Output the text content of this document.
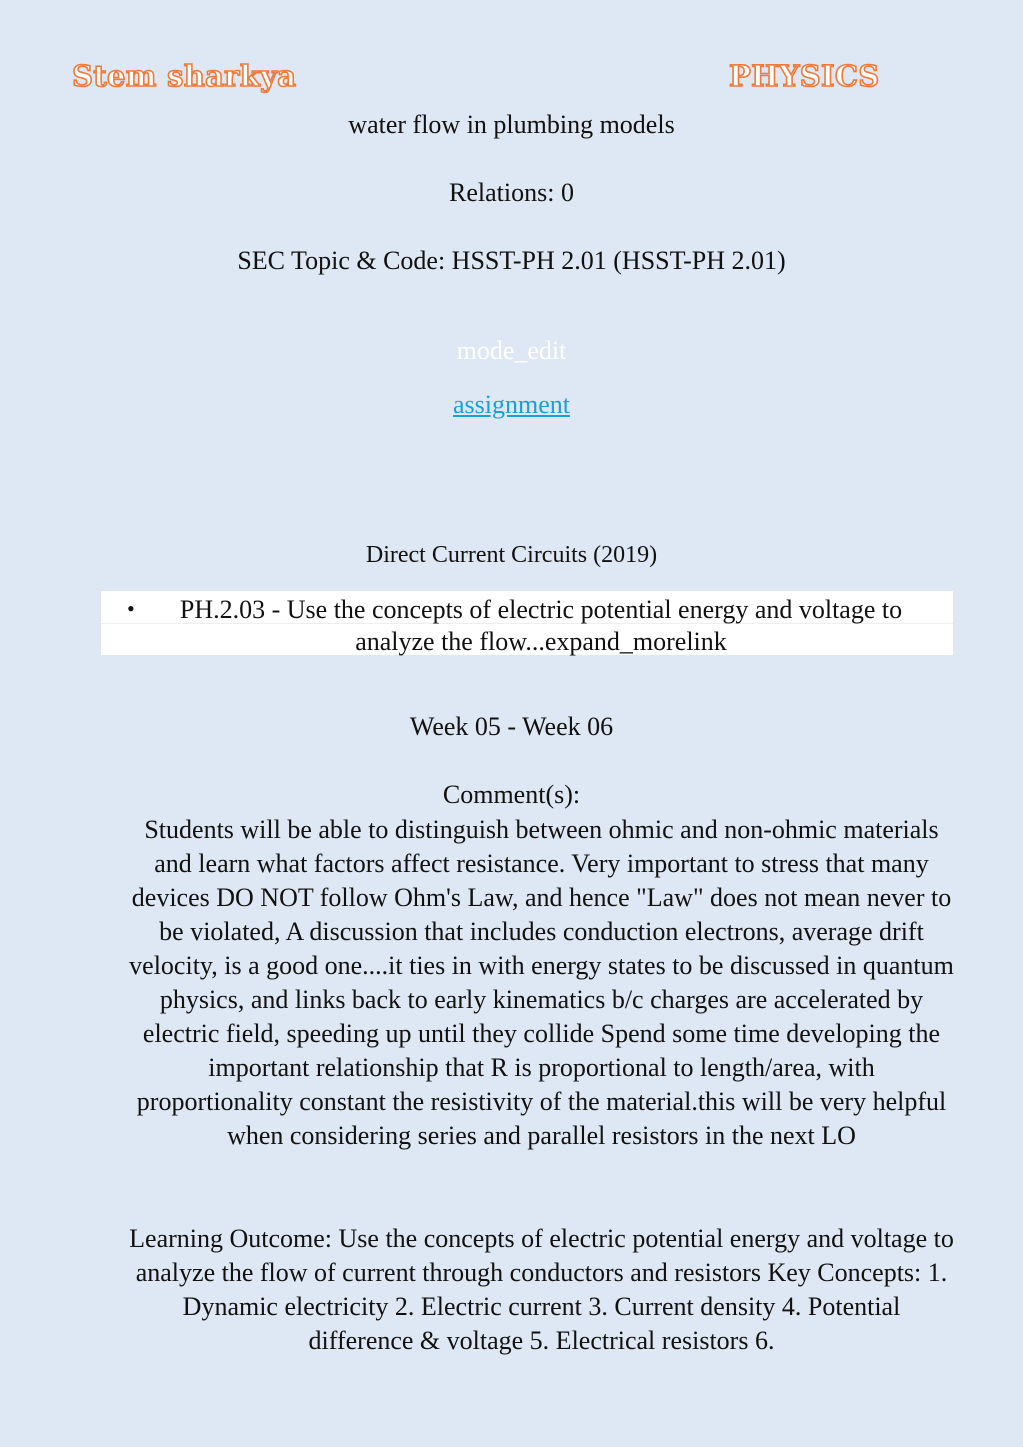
Stem sharkya	PHYSICS
water flow in plumbing models
Relations: 0
SEC Topic & Code: HSST-PH 2.01 (HSST-PH 2.01)
mode_edit
assignment
Direct Current Circuits (2019)
•	PH.2.03 - Use the concepts of electric potential energy and voltage to analyze the flow...expand_morelink
Week 05 - Week 06
Comment(s):
Students will be able to distinguish between ohmic and non-ohmic materials and learn what factors affect resistance. Very important to stress that many devices DO NOT follow Ohm's Law, and hence "Law" does not mean never to be violated, A discussion that includes conduction electrons, average drift velocity, is a good one....it ties in with energy states to be discussed in quantum physics, and links back to early kinematics b/c charges are accelerated by electric field, speeding up until they collide Spend some time developing the important relationship that R is proportional to length/area, with proportionality constant the resistivity of the material.this will be very helpful when considering series and parallel resistors in the next LO
Learning Outcome: Use the concepts of electric potential energy and voltage to analyze the flow of current through conductors and resistors Key Concepts: 1. Dynamic electricity 2. Electric current 3. Current density 4. Potential difference & voltage 5. Electrical resistors 6.
